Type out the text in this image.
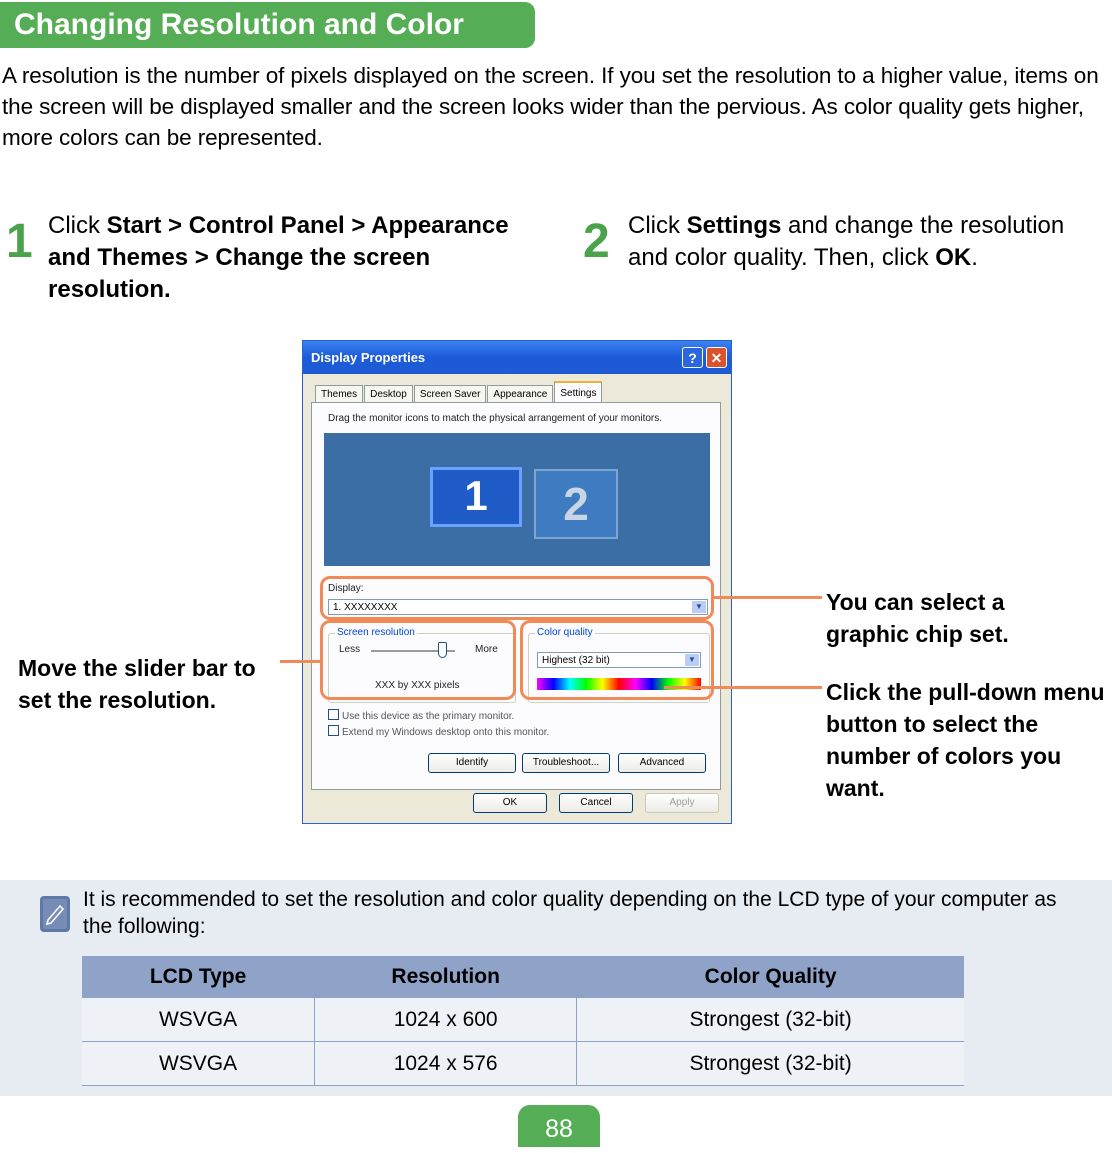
Changing Resolution and Color
A resolution is the number of pixels displayed on the screen. If you set the resolution to a higher value, items on the screen will be displayed smaller and the screen looks wider than the pervious. As color quality gets higher, more colors can be represented.
1 Click Start > Control Panel > Appearance and Themes > Change the screen resolution.
2 Click Settings and change the resolution and color quality. Then, click OK.
Display Properties	? ✕
Themes Desktop Screen Saver Appearance Settings
Drag the monitor icons to match the physical arrangement of your monitors.
1	2
Display:
1. XXXXXXXX	▼
Screen resolution
Less	More
XXX by XXX pixels
Color quality
Highest (32 bit)	▼
Use this device as the primary monitor.
Extend my Windows desktop onto this monitor.
Identify	Troubleshoot...	Advanced
OK	Cancel	Apply
You can select a graphic chip set.
Click the pull-down menu button to select the number of colors you want.
Move the slider bar to set the resolution.
It is recommended to set the resolution and color quality depending on the LCD type of your computer as the following:
LCD Type	Resolution	Color Quality
WSVGA	1024 x 600	Strongest (32-bit)
WSVGA	1024 x 576	Strongest (32-bit)
88
